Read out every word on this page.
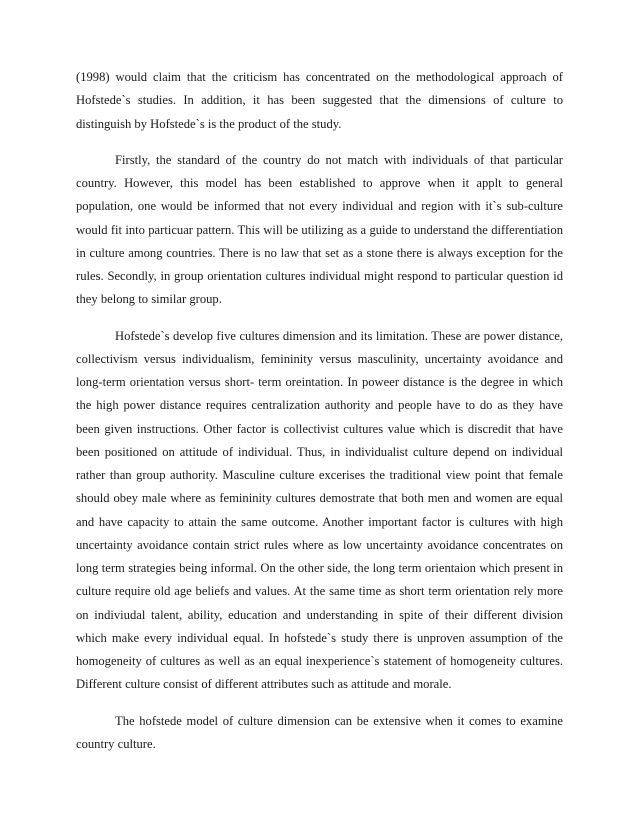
(1998) would claim that the criticism has concentrated on the methodological approach of Hofstede`s studies. In addition, it has been suggested that the dimensions of culture to distinguish by Hofstede`s is the product of the study.

Firstly, the standard of the country do not match with individuals of that particular country. However, this model has been established to approve when it applt to general population, one would be informed that not every individual and region with it`s sub-culture would fit into particuar pattern. This will be utilizing as a guide to understand the differentiation in culture among countries. There is no law that set as a stone there is always exception for the rules. Secondly, in group orientation cultures individual might respond to particular question id they belong to similar group.

Hofstede`s develop five cultures dimension and its limitation. These are power distance, collectivism versus individualism, femininity versus masculinity, uncertainty avoidance and long-term orientation versus short- term oreintation. In poweer distance is the degree in which the high power distance requires centralization authority and people have to do as they have been given instructions. Other factor is collectivist cultures value which is discredit that have been positioned on attitude of individual. Thus, in individualist culture depend on individual rather than group authority. Masculine culture excerises the traditional view point that female should obey male where as femininity cultures demostrate that both men and women are equal and have capacity to attain the same outcome. Another important factor is cultures with high uncertainty avoidance contain strict rules where as low uncertainty avoidance concentrates on long term strategies being informal. On the other side, the long term orientaion which present in culture require old age beliefs and values. At the same time as short term orientation rely more on indiviudal talent, ability, education and understanding in spite of their different division which make every individual equal. In hofstede`s study there is unproven assumption of the homogeneity of cultures as well as an equal inexperience`s statement of homogeneity cultures. Different culture consist of different attributes such as attitude and morale.

The hofstede model of culture dimension can be extensive when it comes to examine country culture.
